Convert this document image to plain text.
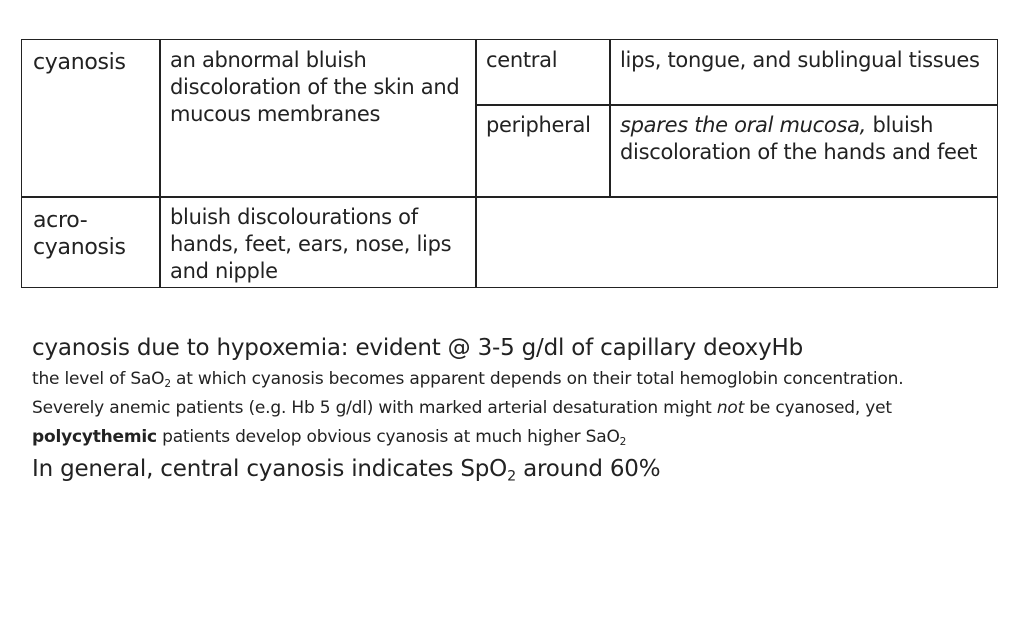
cyanosis an abnormal bluish discoloration of the skin and mucous membranes
central	lips, tongue, and sublingual tissues
peripheral spares the oral mucosa, bluish discoloration of the hands and feet
acro-
cyanosis
bluish discolourations of hands, feet, ears, nose, lips and nipple
cyanosis due to hypoxemia: evident @ 3-5 g/dl of capillary deoxyHb
the level of SaO$_2$ at which cyanosis becomes apparent depends on their total hemoglobin concentration.
Severely anemic patients (e.g. Hb 5 g/dl) with marked arterial desaturation might not be cyanosed, yet
polycythemic patients develop obvious cyanosis at much higher SaO$_2$
In general, central cyanosis indicates SpO$_2$ around 60%
